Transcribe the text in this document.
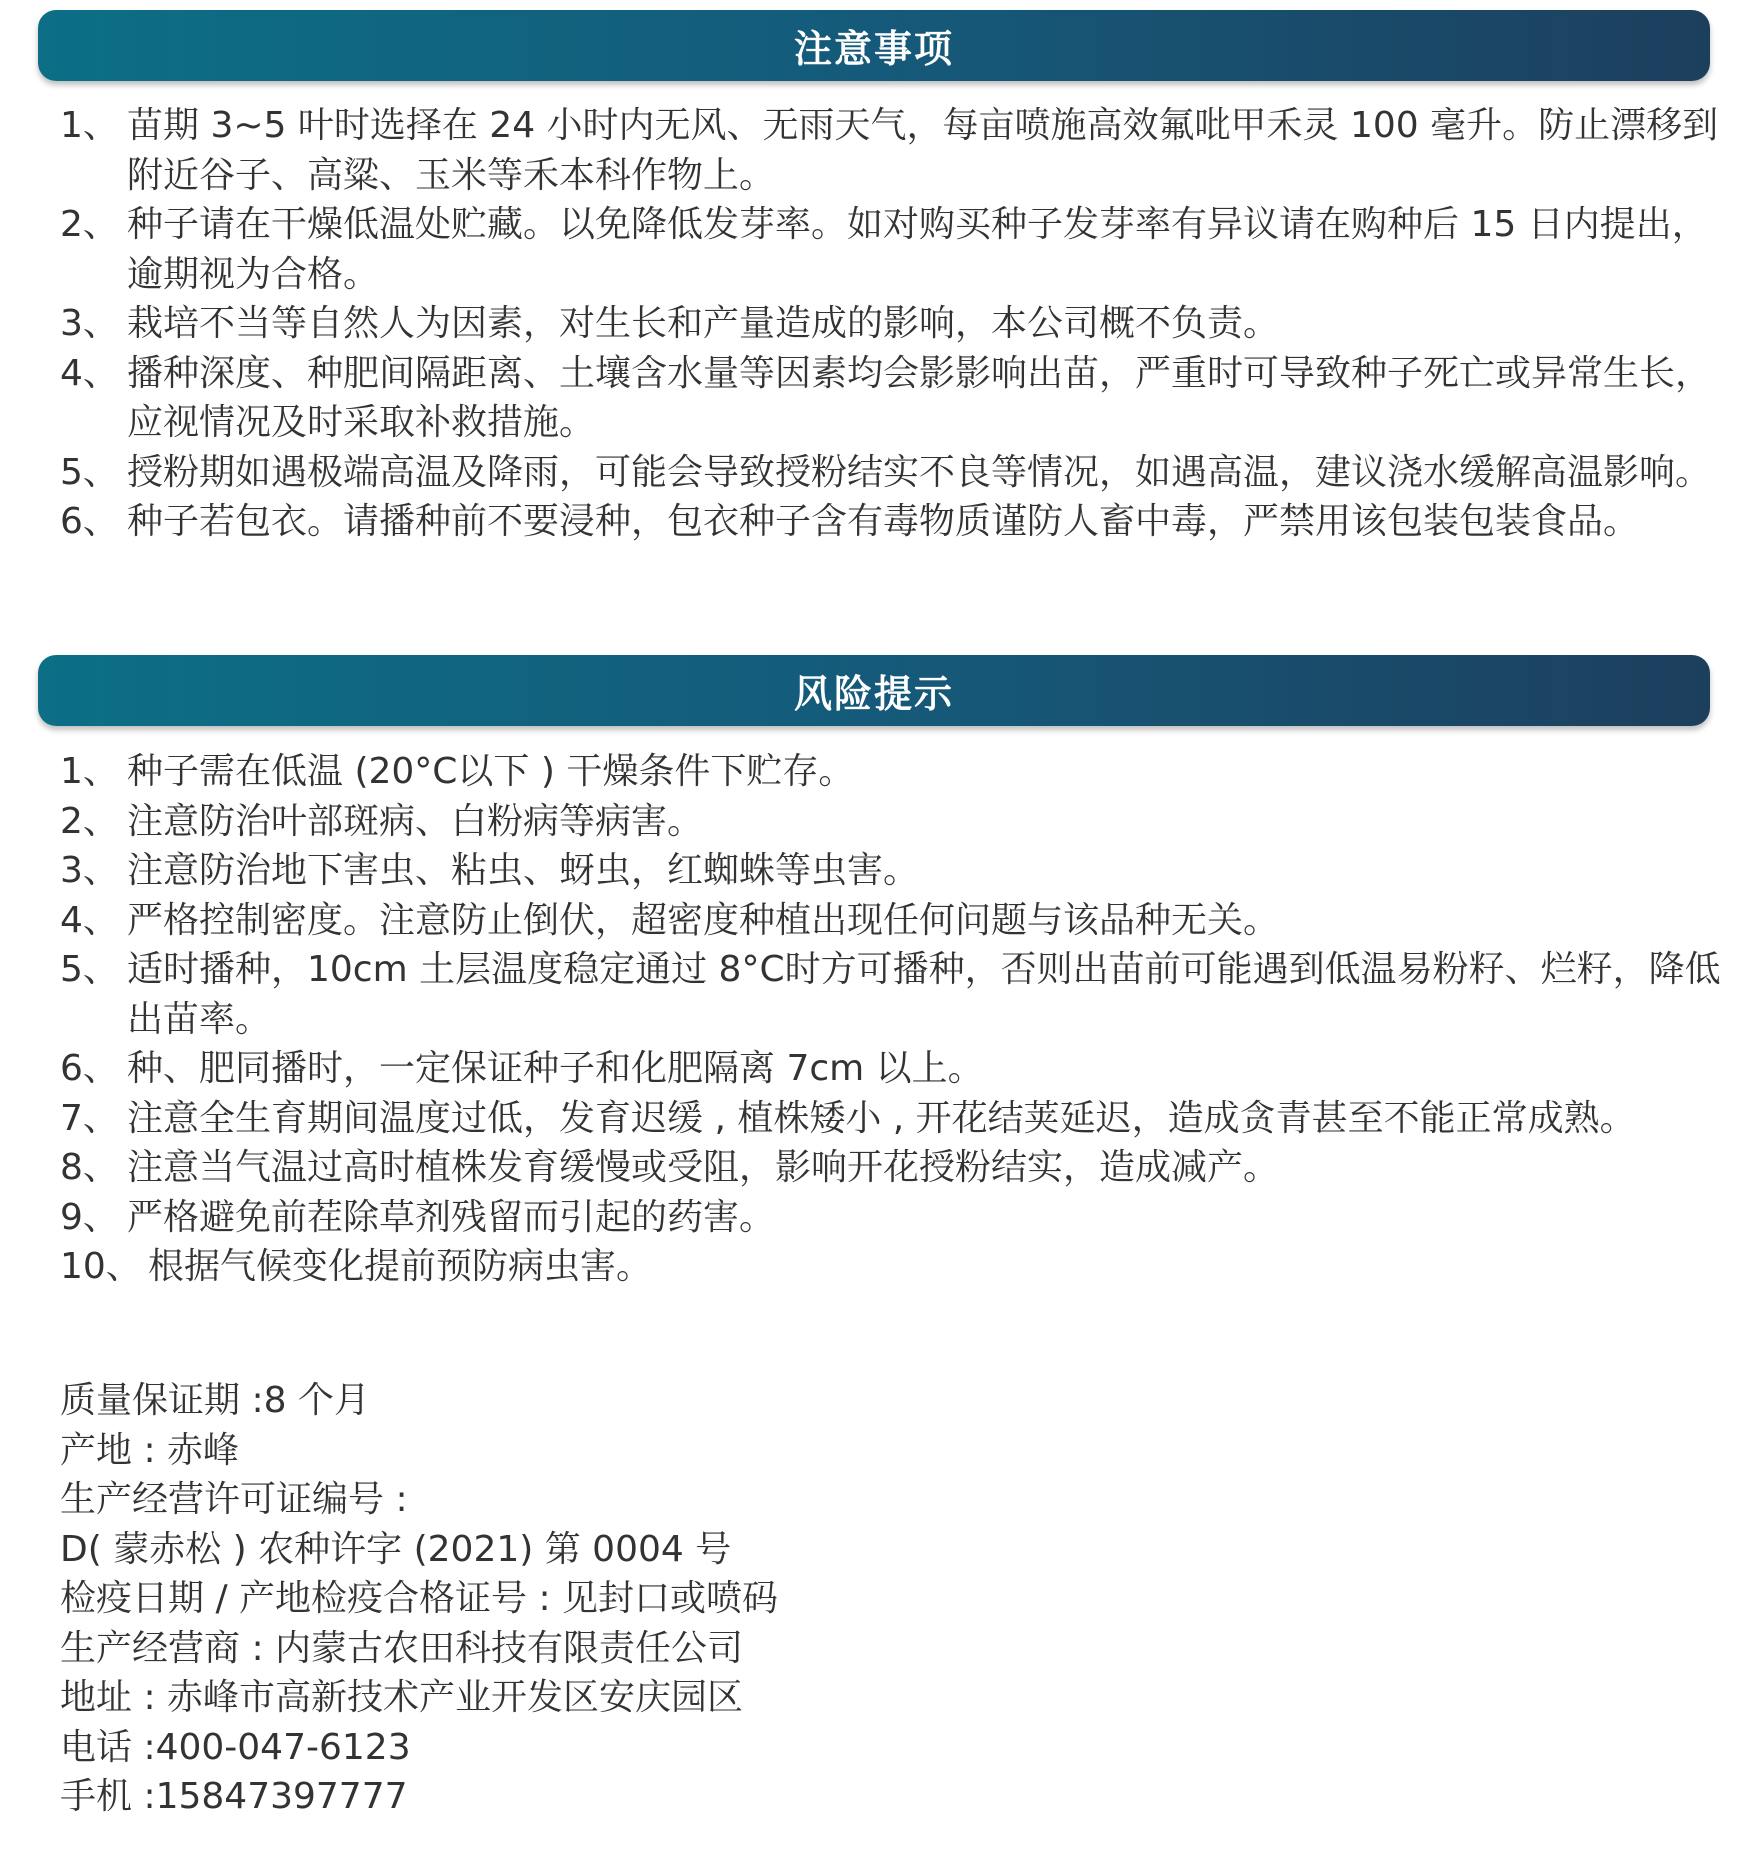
注意事项
1、 苗期 3~5 叶时选择在 24 小时内无风、无雨天气，每亩喷施高效氟吡甲禾灵 100 毫升。防止漂移到附近谷子、高粱、玉米等禾本科作物上。
2、 种子请在干燥低温处贮藏。以免降低发芽率。如对购买种子发芽率有异议请在购种后 15 日内提出，逾期视为合格。
3、 栽培不当等自然人为因素，对生长和产量造成的影响，本公司概不负责。
4、 播种深度、种肥间隔距离、土壤含水量等因素均会影影响出苗，严重时可导致种子死亡或异常生长，应视情况及时采取补救措施。
5、 授粉期如遇极端高温及降雨，可能会导致授粉结实不良等情况，如遇高温，建议浇水缓解高温影响。
6、 种子若包衣。请播种前不要浸种，包衣种子含有毒物质谨防人畜中毒，严禁用该包装包装食品。
风险提示
1、 种子需在低温 (20°C以下 ) 干燥条件下贮存。
2、 注意防治叶部斑病、白粉病等病害。
3、 注意防治地下害虫、粘虫、蚜虫，红蜘蛛等虫害。
4、 严格控制密度。注意防止倒伏，超密度种植出现任何问题与该品种无关。
5、 适时播种，10cm 土层温度稳定通过 8°C时方可播种，否则出苗前可能遇到低温易粉籽、烂籽，降低出苗率。
6、 种、肥同播时，一定保证种子和化肥隔离 7cm 以上。
7、 注意全生育期间温度过低，发育迟缓 , 植株矮小 , 开花结荚延迟，造成贪青甚至不能正常成熟。
8、 注意当气温过高时植株发育缓慢或受阻，影响开花授粉结实，造成减产。
9、 严格避免前茬除草剂残留而引起的药害。
10、 根据气候变化提前预防病虫害。
质量保证期 :8 个月
产地 : 赤峰
生产经营许可证编号 :
D( 蒙赤松 ) 农种许字 (2021) 第 0004 号
检疫日期 / 产地检疫合格证号 : 见封口或喷码
生产经营商 : 内蒙古农田科技有限责任公司
地址 : 赤峰市高新技术产业开发区安庆园区
电话 :400-047-6123
手机 :15847397777
